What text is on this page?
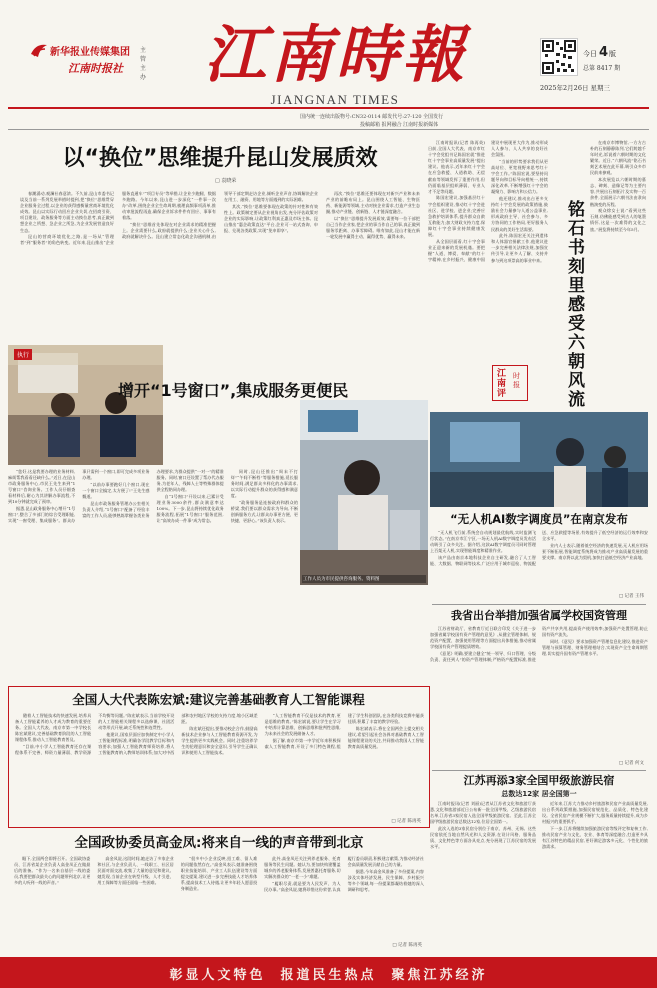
新华报业传媒集团 主管
江南时报社	主办 江南時報
JIANGNAN TIMES
今日 4版
总第 8417 期
2025年2月26日 星期三
国内统一连续出版物号:CN32-0114 邮发代号:27-120 全国发行
投稿邮箱 报网融合 江南时报新媒体
以“换位”思维提升昆山发展质效
□ 袁晓荣

春潮涌动,观澜社春意浓。不久前,昆山市委书记谈及当前一系列发展举措时提到,把“换位”思维贯穿企业服务全过程,以企业的获得感衡量营商环境优化成效。昆山以实际行动回应企业关切,在招商引资、项目建设、政务服务等方面主动换位思考,真正做到想企业之所想、急企业之所急,为企业发展营造良好生态。

昆山的营商环境优化之路,是一场从“管理者”到“服务者”的角色转变。近年来,昆山推出“企业服务直通车”“项目专员”等举措,让企业少跑腿、数据多跑路。今年以来,昆山进一步深化“一件事一次办”改革,围绕企业全生命周期,梳理高频事项清单,推动审批流程再造,确保企业诉求件件有回应、事事有着落。

“换位”思维首先体现在对企业需求的精准把握上。企业需要什么,政府就提供什么;企业关心什么,政府就解决什么。昆山建立常态化政企沟通机制,由领导干部定期走访企业,倾听企业声音,协调解决企业在用工、融资、用地等方面遇到的实际困难。

其次,“换位”思维要体现在政策的针对性和有效性上。政策制定要从企业视角出发,充分评估政策对企业的实际影响,让政策红利真正惠及市场主体。昆山推出“惠企政策直达”平台,企业可一站式查询、申报、兑现各类政策,实现“免申即享”。

再次,“换位”思维还要体现在对新兴产业和未来产业的前瞻布局上。昆山围绕人工智能、生物医药、新能源等领域,主动对接企业需求,打造产业生态圈,推动产业链、创新链、人才链深度融合。

以“换位”思维提升发展质效,需要每一位干部把自己当作企业家,把企业的事当作自己的事,真正做到服务零距离、办事零障碍。唯有如此,昆山才能在新一轮发展中赢得主动、赢得优势、赢得未来。

江南时报讯(记者 陈再英)日前,全国人大代表、南京市红十字会党组书记陈国宏就“推进红十字会事业高质量发展”提出建议。他表示,近年来红十字会在应急救援、人道救助、无偿献血等领域发挥了重要作用,但仍面临基层组织薄弱、专业人才不足等问题。

陈国宏建议,加强基层红十字会组织建设,推动红十字会进社区、进学校、进企业;完善应急救护培训体系,提升群众自救互救能力;加大财政支持力度,保障红十字会事业持续健康发展。

从全国层面看,红十字会事业正迎来新的发展机遇。要把握“人道、博爱、奉献”的红十字精神,在乡村振兴、健康中国建设中展现更大作为,推动形成人人参与、人人共享的良好社会氛围。

“当前的形势要求我们从更高站位、更宽视野来思考红十字会工作。”陈国宏说,要坚持问题导向和目标导向相统一,持续深化改革,不断增强红十字会的凝聚力、影响力和公信力。

他还建议,推动出台更多支持红十字会发展的政策措施,鼓励社会力量参与人道公益事业,形成政府主导、社会参与、多方协同的工作格局,更好服务人民群众的美好生活需要。

此外,陈国宏还关注到遗体和人体器官捐献工作,他建议进一步完善相关法律法规,加强宣传引导,让更多人了解、支持并参与到这项崇高的事业中来。

江南评
时报	铭石书刻里感受六朝风流

在南京市博物馆,一方方古朴的石刻静静陈列,它们跨越千年时光,诉说着六朝时期的文化繁荣。近日,“六朝风流”铭石书刻艺术展在此开幕,吸引众多市民前来参观。

本次展览以六朝时期的墓志、碑刻、造像记等为主要内容,共展出石刻拓片及实物一百余件,全面展示六朝书法由隶向楷演变的历程。

观众徐女士说:“看到这些石刻,仿佛能感受到古人的笔墨情怀,这是一次难得的文化之旅。”展览将持续至今年5月。

执行
增开“1号窗口”,集成服务更便民

“您好,这是我要办理的业务材料,麻烦帮我看看还缺什么。”近日,在昆山市政务服务中心,市民王先生来到“1号窗口”咨询业务。工作人员仔细查看材料后,耐心为其讲解办事流程,不到10分钟就完成了预审。

据悉,昆山政务服务中心增开“1号窗口”,整合了多部门的综合受理职能,实现“一窗受理、集成服务”。群众办事只需到一个窗口,即可完成多项业务办理。

“以前办事要跑好几个窗口,现在一个窗口全搞定,太方便了!”王先生感慨道。

昆山市政务服务管理办公室相关负责人介绍,“1号窗口”配备了经验丰富的工作人员,能够熟练掌握各类业务办理要求,为群众提供“一对一”的精准服务。同时,窗口还设置了帮办代办服务,为老年人、残障人士等特殊群体提供全程陪同办理。

自“1号窗口”开设以来,已累计受理业务3000余件,群众满意率达100%。下一步,昆山将持续优化政务服务流程,拓展“1号窗口”服务范围,让“高效办成一件事”成为常态。

同时,昆山还推出“周末不打烊”“午间不断档”等服务措施,延长服务时间,满足群众多样化的办事需求,以实际行动提升群众的获得感和满意度。

“政务服务是连接政府和群众的桥梁,我们要以群众需求为导向,不断创新服务方式,让群众办事更方便、更快捷、更舒心。”该负责人表示。

工作人员为市民提供咨询服务。资料图
“无人机AI数字调度员”在南京发布

“无人机飞行前,系统会自动规划最优航线,实时监测飞行状态。”在南京市江宁区,一场无人机AI数字调度员发布活动吸引了众多关注。据介绍,这款AI数字调度员可同时管理上百架无人机,实现智能调度和精准作业。

该产品由南京本地科技企业自主研发,融合了人工智能、大数据、物联网等技术,广泛应用于城市巡检、物流配送、应急救援等场景,有效提升了低空经济的运行效率和安全水平。

业内人士表示,随着低空经济的快速发展,无人机应用场景不断拓展,智能调度系统将成为推动产业高质量发展的重要支撑。南京将以此为契机,加快打造低空经济产业高地。

□ 记者 王伟
我省出台举措加强省属学校国资管理

江苏省财政厅、省教育厅近日联合印发《关于进一步加强省属学校国有资产管理的意见》,从健全管理体制、规范资产配置、加强使用管理等方面提出具体措施,推动省属学校国有资产管理提质增效。

《意见》明确,要建立健全“统一领导、归口管理、分级负责、责任到人”的资产管理体制;严格资产配置标准,推进资产共享共用,提高资产使用效率;加强资产处置管理,防止国有资产流失。

同时,《意见》要求加强资产管理信息化建设,推进资产管理与预算管理、财务管理相结合,实现资产全生命周期管理,切实提升国有资产管理水平。

□ 记者 何文
江苏再添3家全国甲级旅游民宿
总数达12家 居全国第一

江南时报讯(记者 刘丽)记者从江苏省文化和旅游厅获悉,文化和旅游部近日公布新一批全国甲级、乙级旅游民宿名单,江苏省3家民宿入选全国甲级旅游民宿。至此,江苏全国甲级旅游民宿总数达12家,位居全国第一。

此次入选的3家民宿分别位于南京、苏州、无锡。这些民宿依托当地自然风光和人文资源,在设计风格、服务品质、文化特色等方面各具亮点,充分展现了江苏民宿的发展水平。

近年来,江苏大力推动乡村旅游和民宿产业高质量发展,出台系列政策措施,加强民宿规范化、品质化、特色化建设。全省民宿产业规模不断扩大,服务质量持续提升,成为乡村振兴的重要抓手。

下一步,江苏将继续加强旅游民宿等级评定和复核工作,推动民宿产业与文化、农业、体育等深度融合,打造更多具有江苏特色的精品民宿,更好满足游客多元化、个性化的旅游需求。

全国人大代表陈宏斌:建议完善基础教育人工智能课程

随着人工智能技术的快速发展,培养具备人工智能素养的人才成为教育的重要任务。全国人大代表、南京市第一中学校长陈宏斌建议,完善基础教育阶段的人工智能课程体系,推动人工智能教育普及。

“目前,中小学人工智能教育还存在课程体系不完善、师资力量薄弱、教学资源不均衡等问题。”陈宏斌表示,当前学校开设的人工智能相关课程多以选修课、社团活动等形式开展,缺乏系统性和连贯性。

他建议,国家层面应加快制定中小学人工智能课程标准,明确各学段教学目标和内容要求;加强人工智能教育师资培养,将人工智能教育纳入教师培训体系;加大对中西部和农村地区学校的支持力度,缩小区域差距。

陈宏斌还提出,要推动校企合作,鼓励高新技术企业参与人工智能教育资源开发,为学生提供更多实践机会。同时,注重培养学生的伦理意识和安全意识,引导学生正确认识和使用人工智能技术。

“人工智能教育不仅是技术的教育,更是思维的教育。”陈宏斌说,要让学生在学习中培养计算思维、创新思维和批判性思维,为未来社会的发展储备人才。

据了解,南京市第一中学近年来积极探索人工智能教育,开设了多门特色课程,组建了学生科创团队,在各类科技竞赛中屡获佳绩,积累了丰富的教学经验。

陈宏斌表示,将在全国两会上提交相关建议,希望引起社会各界对基础教育人工智能课程建设的关注,共同推动我国人工智能教育高质量发展。

□ 记者 陈再英
全国政协委员高金凤:将来自一线的声音带到北京

眼下,全国两会即将召开。全国政协委员、江苏省某企业负责人高金凤正在做最后的准备。“作为一名来自基层一线的委员,我要把群众最关心的问题带到北京,让更多的人听到一线的声音。”

高金凤说,这段时间,她走访了多家企业和社区,与企业负责人、一线职工、社区居民面对面交流,收集了大量的意见和建议。她发现,当前企业在转型升级、人才引进、用工保障等方面还面临一些困难。

“很多中小企业反映,招工难、留人难的问题依然存在。”高金凤表示,她准备围绕职业技能培训、产业工人队伍建设等方面提交提案,建议进一步完善技能人才培养体系,提高技术工人待遇,让更多年轻人愿意投身制造业。

此外,高金凤还关注到养老服务、托育服务等民生问题。她认为,要加快构建覆盖城乡的养老服务体系,发展普惠托育服务,切实解决群众的“一老一小”难题。

“履职尽责,就是要为人民发声、为人民办事。”高金凤说,她将珍惜这份荣誉,认真履行委员职责,积极建言献策,为推动经济社会高质量发展贡献自己的力量。

据悉,今年高金凤准备了多份提案,内容涉及实体经济发展、民生保障、乡村振兴等多个领域,每一份提案都凝结着她的深入调研和思考。

□ 记者 陈再英
彰显人文特色  报道民生热点  聚焦江苏经济
